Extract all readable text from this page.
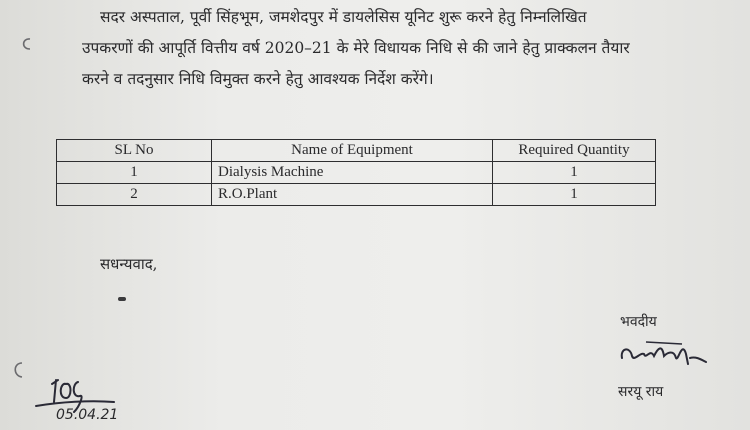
सदर अस्पताल, पूर्वी सिंहभूम, जमशेदपुर में डायलेसिस यूनिट शुरू करने हेतु निम्नलिखित
उपकरणों की आपूर्ति वित्तीय वर्ष 2020–21 के मेरे विधायक निधि से की जाने हेतु प्राक्कलन तैयार
करने व तदनुसार निधि विमुक्त करने हेतु आवश्यक निर्देश करेंगे।
SL No	Name of Equipment	Required Quantity
1	Dialysis Machine	1
2	R.O.Plant	1
सधन्यवाद,
भवदीय
सरयू राय
05.04.21
